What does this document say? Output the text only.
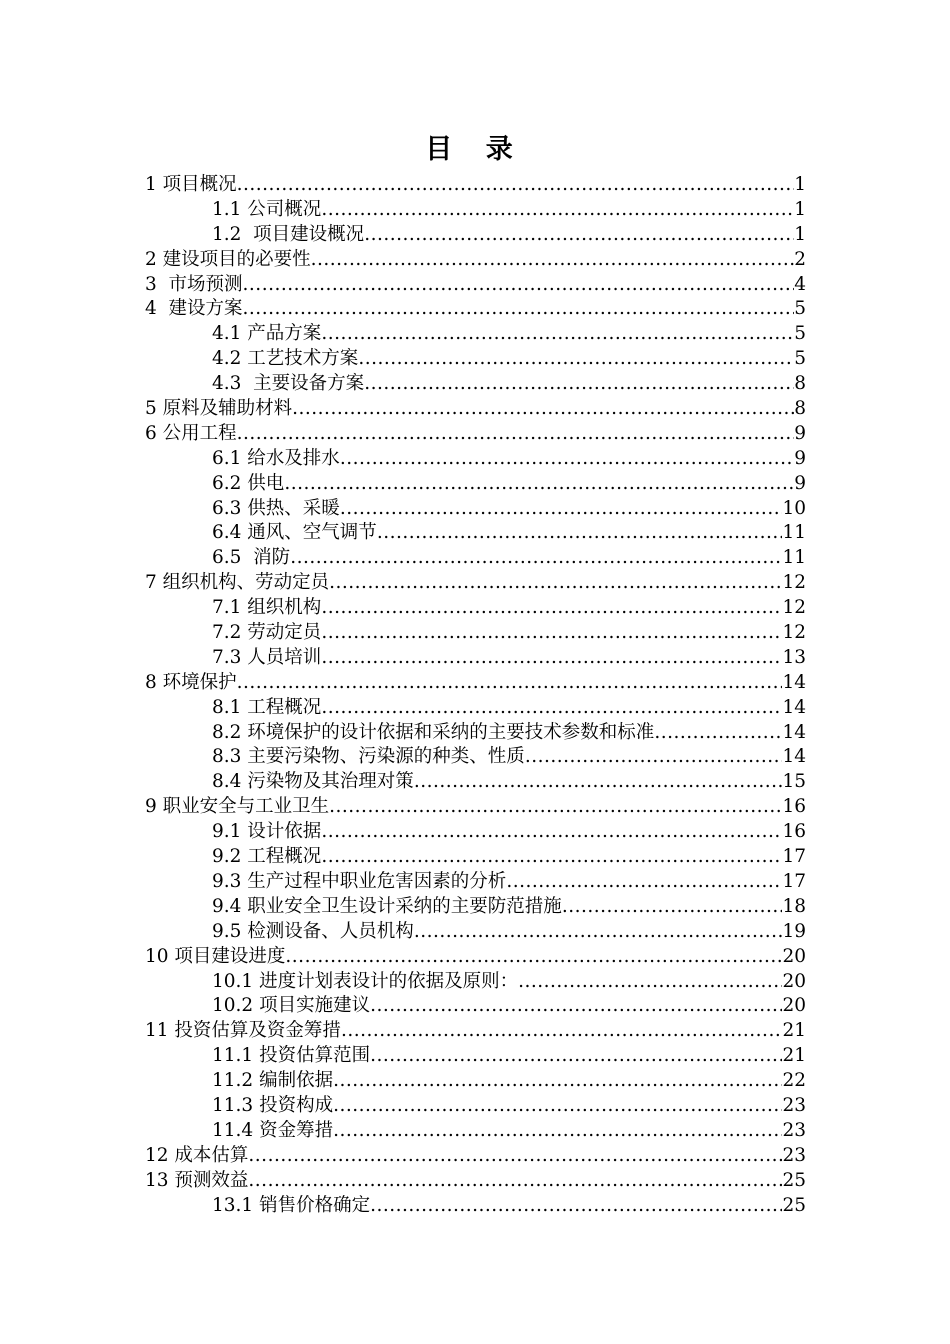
目 录
1 项目概况 .....	1
1.1 公司概况 .....	1
1.2  项目建设概况 .....	1
2 建设项目的必要性 .....	2
3  市场预测 .....	4
4  建设方案 .....	5
4.1 产品方案 .....	5
4.2 工艺技术方案 .....	5
4.3  主要设备方案 .....	8
5 原料及辅助材料 .....	8
6 公用工程 .....	9
6.1 给水及排水 .....	9
6.2 供电 .....	9
6.3 供热、采暖 .....	10
6.4 通风、空气调节 .....	11
6.5  消防 .....	11
7 组织机构、劳动定员 .....	12
7.1 组织机构 .....	12
7.2 劳动定员 .....	12
7.3 人员培训 .....	13
8 环境保护 .....	14
8.1 工程概况 .....	14
8.2 环境保护的设计依据和采纳的主要技术参数和标准 .....	14
8.3 主要污染物、污染源的种类、性质 .....	14
8.4 污染物及其治理对策 .....	15
9 职业安全与工业卫生 .....	16
9.1 设计依据 .....	16
9.2 工程概况 .....	17
9.3 生产过程中职业危害因素的分析 .....	17
9.4 职业安全卫生设计采纳的主要防范措施 .....	18
9.5 检测设备、人员机构 .....	19
10 项目建设进度 .....	20
10.1 进度计划表设计的依据及原则： .....	20
10.2 项目实施建议 .....	20
11 投资估算及资金筹措 .....	21
11.1 投资估算范围 .....	21
11.2 编制依据 .....	22
11.3 投资构成 .....	23
11.4 资金筹措 .....	23
12 成本估算 .....	23
13 预测效益 .....	25
13.1 销售价格确定 .....	25
